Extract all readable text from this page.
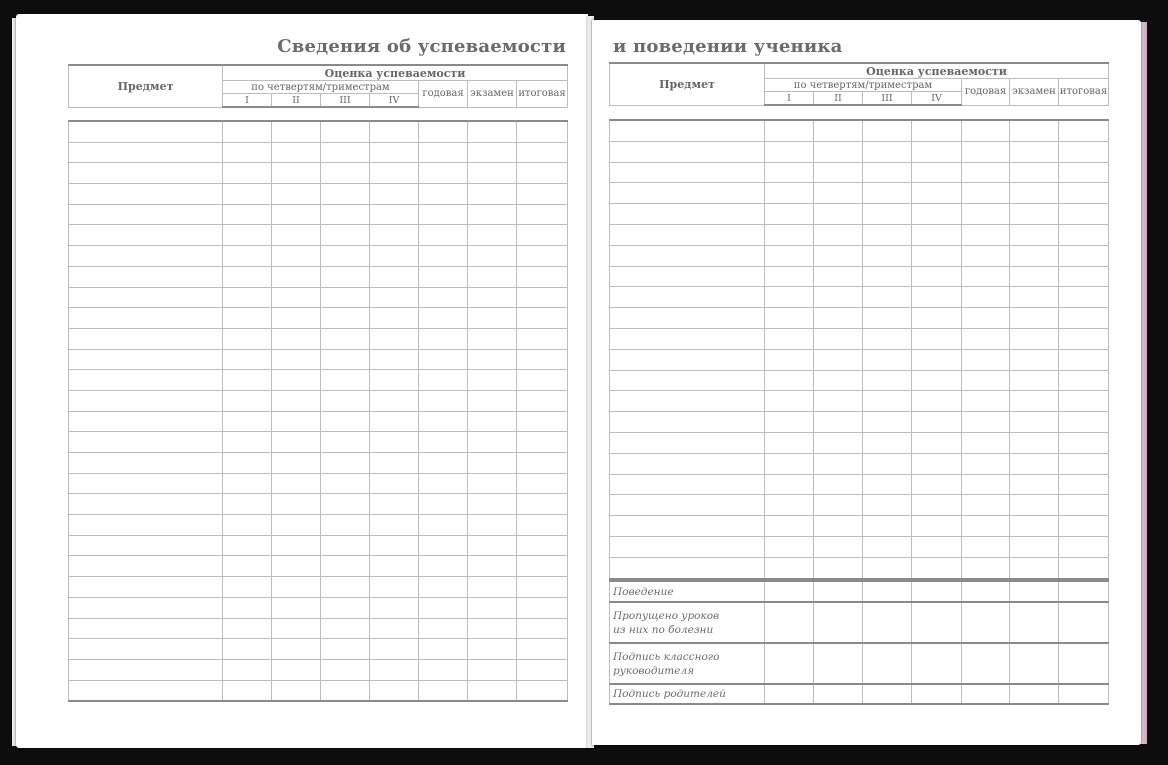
Сведения об успеваемости
Предмет	Оценка успеваемости						
	по четвертям/триместрам				годовая	экзамен	итоговая
	I	II	III	IV			

и поведении ученика
Предмет	Оценка успеваемости						
	по четвертям/триместрам				годовая	экзамен	итоговая
	I	II	III	IV			

Поведение							
Пропущено уроков
из них по болезни							
Подпись классного
руководителя							
Подпись родителей							
